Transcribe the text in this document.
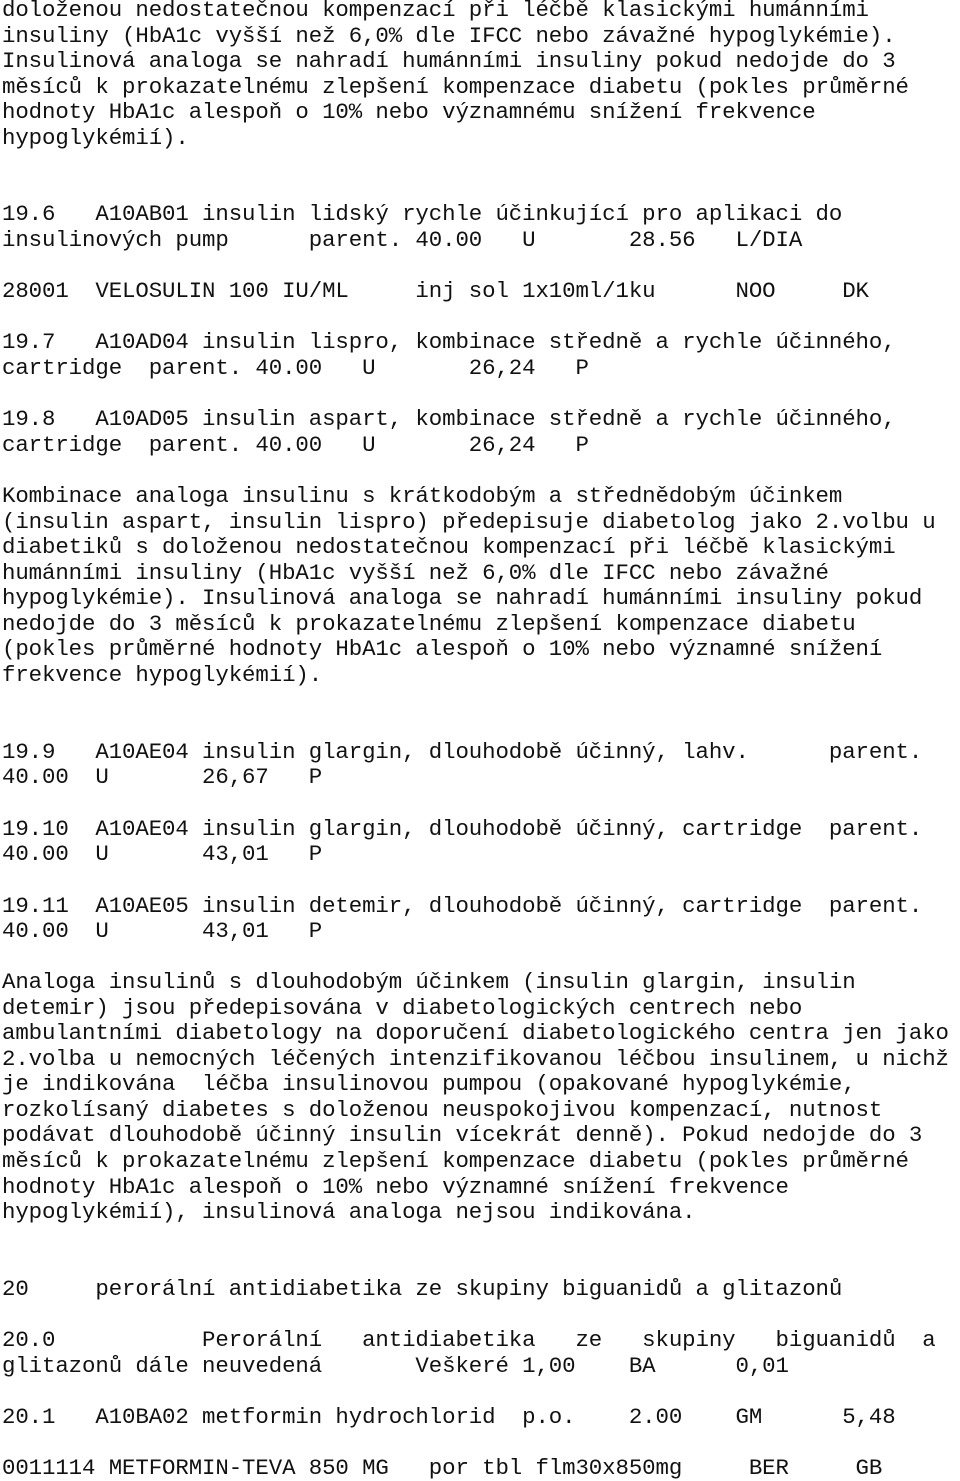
doloženou nedostatečnou kompenzací při léčbě klasickými humánními
insuliny (HbA1c vyšší než 6,0% dle IFCC nebo závažné hypoglykémie).
Insulinová analoga se nahradí humánními insuliny pokud nedojde do 3
měsíců k prokazatelnému zlepšení kompenzace diabetu (pokles průměrné
hodnoty HbA1c alespoň o 10% nebo významnému snížení frekvence
hypoglykémií).
19.6   A10AB01 insulin lidský rychle účinkující pro aplikaci do
insulinových pump      parent. 40.00   U       28.56   L/DIA
28001  VELOSULIN 100 IU/ML     inj sol 1x10ml/1ku      NOO     DK
19.7   A10AD04 insulin lispro, kombinace středně a rychle účinného,
cartridge  parent. 40.00   U       26,24   P
19.8   A10AD05 insulin aspart, kombinace středně a rychle účinného,
cartridge  parent. 40.00   U       26,24   P
Kombinace analoga insulinu s krátkodobým a střednědobým účinkem
(insulin aspart, insulin lispro) předepisuje diabetolog jako 2.volbu u
diabetiků s doloženou nedostatečnou kompenzací při léčbě klasickými
humánními insuliny (HbA1c vyšší než 6,0% dle IFCC nebo závažné
hypoglykémie). Insulinová analoga se nahradí humánními insuliny pokud
nedojde do 3 měsíců k prokazatelnému zlepšení kompenzace diabetu
(pokles průměrné hodnoty HbA1c alespoň o 10% nebo významné snížení
frekvence hypoglykémií).
19.9   A10AE04 insulin glargin, dlouhodobě účinný, lahv.      parent.
40.00  U       26,67   P
19.10  A10AE04 insulin glargin, dlouhodobě účinný, cartridge  parent.
40.00  U       43,01   P
19.11  A10AE05 insulin detemir, dlouhodobě účinný, cartridge  parent.
40.00  U       43,01   P
Analoga insulinů s dlouhodobým účinkem (insulin glargin, insulin
detemir) jsou předepisována v diabetologických centrech nebo
ambulantními diabetology na doporučení diabetologického centra jen jako
2.volba u nemocných léčených intenzifikovanou léčbou insulinem, u nichž
je indikována  léčba insulinovou pumpou (opakované hypoglykémie,
rozkolísaný diabetes s doloženou neuspokojivou kompenzací, nutnost
podávat dlouhodobě účinný insulin vícekrát denně). Pokud nedojde do 3
měsíců k prokazatelnému zlepšení kompenzace diabetu (pokles průměrné
hodnoty HbA1c alespoň o 10% nebo významné snížení frekvence
hypoglykémií), insulinová analoga nejsou indikována.
20     perorální antidiabetika ze skupiny biguanidů a glitazonů
20.0           Perorální   antidiabetika   ze   skupiny   biguanidů  a
glitazonů dále neuvedená       Veškeré 1,00    BA      0,01
20.1   A10BA02 metformin hydrochlorid  p.o.    2.00    GM      5,48
0011114 METFORMIN-TEVA 850 MG   por tbl flm30x850mg     BER     GB
